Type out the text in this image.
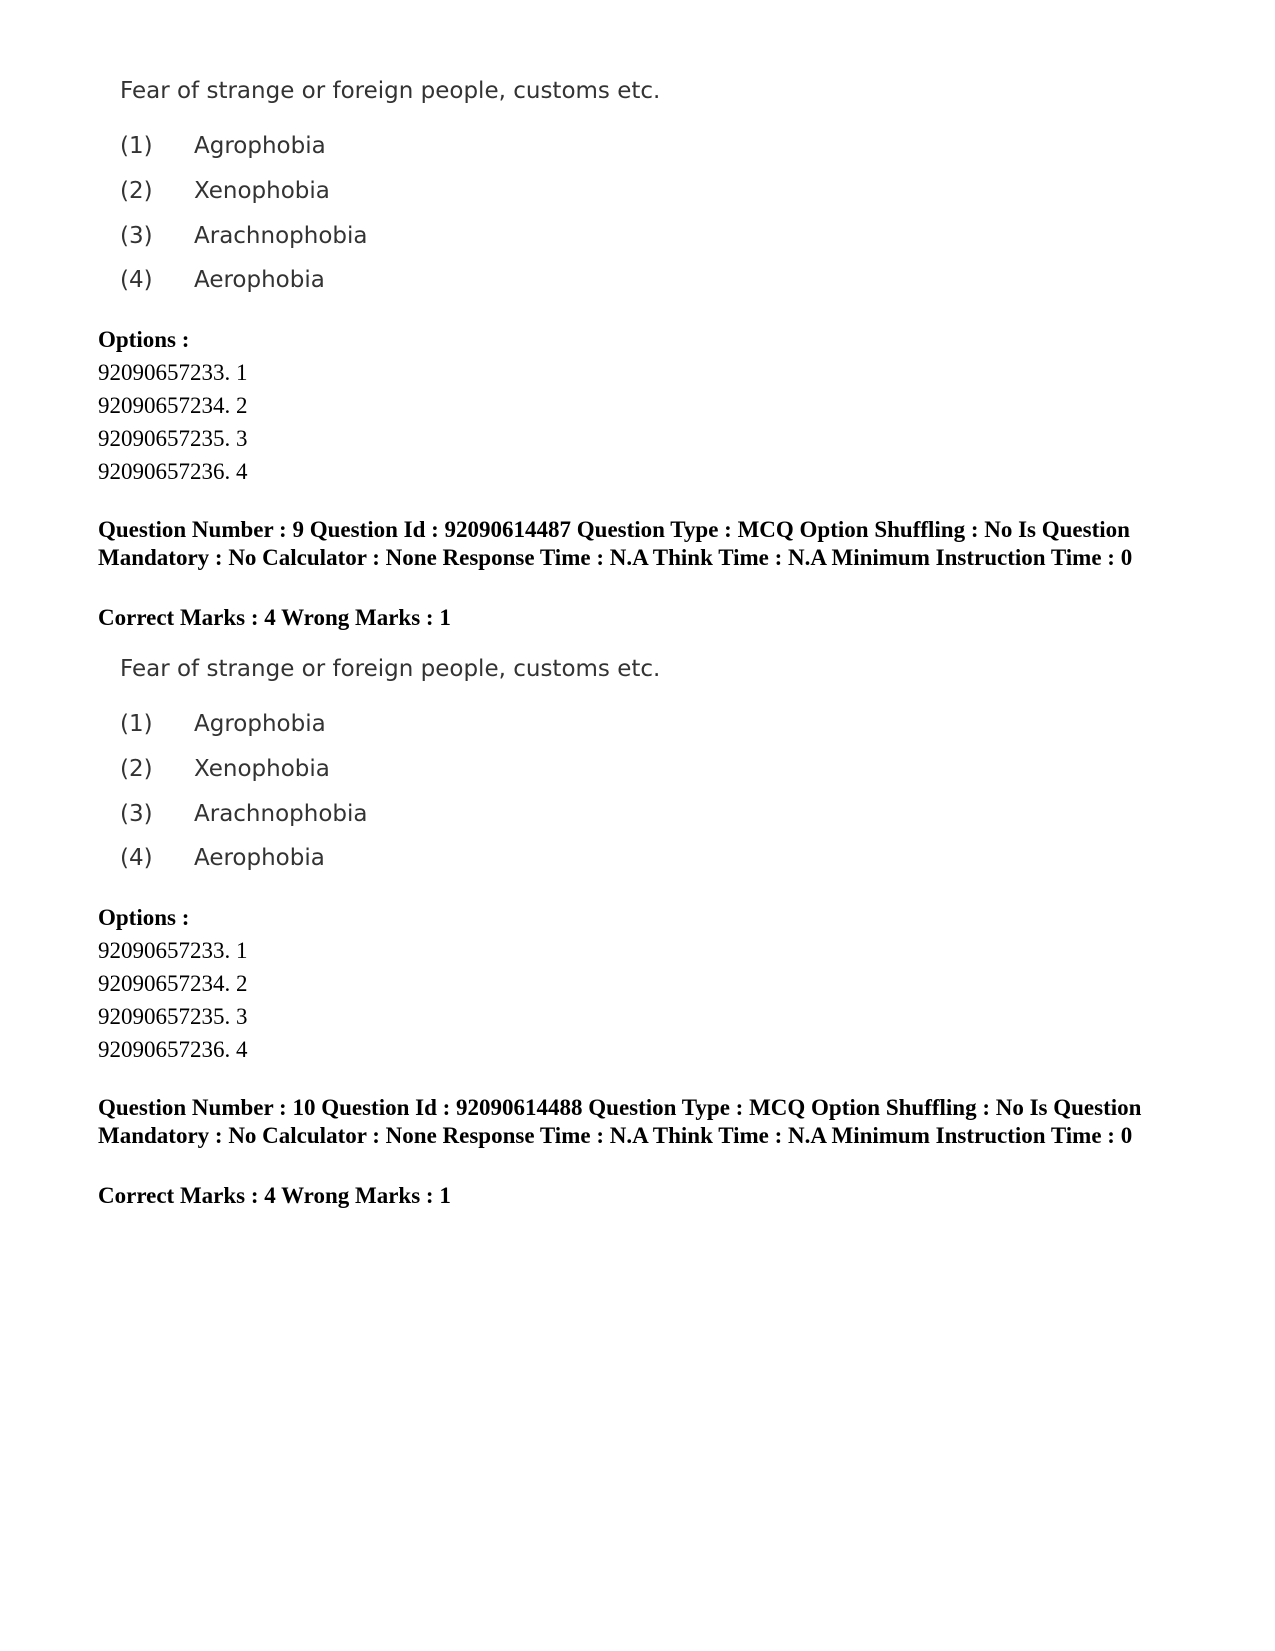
Fear of strange or foreign people, customs etc.
(1) Agrophobia
(2) Xenophobia
(3) Arachnophobia
(4) Aerophobia
Options :
92090657233. 1
92090657234. 2
92090657235. 3
92090657236. 4
Question Number : 9 Question Id : 92090614487 Question Type : MCQ Option Shuffling : No Is Question Mandatory : No Calculator : None Response Time : N.A Think Time : N.A Minimum Instruction Time : 0
Correct Marks : 4 Wrong Marks : 1
Fear of strange or foreign people, customs etc.
(1) Agrophobia
(2) Xenophobia
(3) Arachnophobia
(4) Aerophobia
Options :
92090657233. 1
92090657234. 2
92090657235. 3
92090657236. 4
Question Number : 10 Question Id : 92090614488 Question Type : MCQ Option Shuffling : No Is Question Mandatory : No Calculator : None Response Time : N.A Think Time : N.A Minimum Instruction Time : 0
Correct Marks : 4 Wrong Marks : 1
